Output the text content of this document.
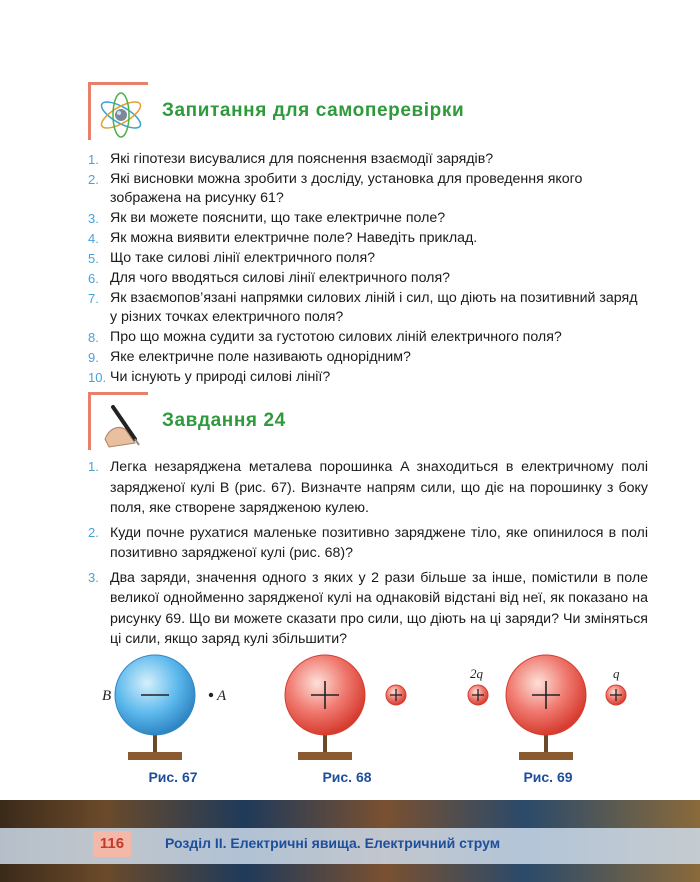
Запитання для самоперевірки
1. Які гіпотези висувалися для пояснення взаємодії зарядів?
2. Які висновки можна зробити з досліду, установка для проведення якого зображена на рисунку 61?
3. Як ви можете пояснити, що таке електричне поле?
4. Як можна виявити електричне поле? Наведіть приклад.
5. Що таке силові лінії електричного поля?
6. Для чого вводяться силові лінії електричного поля?
7. Як взаємопов’язані напрямки силових ліній і сил, що діють на позитивний заряд у різних точках електричного поля?
8. Про що можна судити за густотою силових ліній електричного поля?
9. Яке електричне поле називають однорідним?
10. Чи існують у природі силові лінії?
Завдання 24
1. Легка незаряджена металева порошинка A знаходиться в електричному полі зарядженої кулі B (рис. 67). Визначте напрям сили, що діє на порошинку з боку поля, яке створене зарядженою кулею.
2. Куди почне рухатися маленьке позитивно заряджене тіло, яке опинилося в полі позитивно зарядженої кулі (рис. 68)?
3. Два заряди, значення одного з яких у 2 рази більше за інше, помістили в поле великої однойменно зарядженої кулі на однаковій відстані від неї, як показано на рисунку 69. Що ви можете сказати про сили, що діють на ці заряди? Чи зміняться ці сили, якщо заряд кулі збільшити?
B	A
2q	q
Рис. 67	Рис. 68	Рис. 69
116	Розділ ІІ. Електричні явища. Електричний струм
